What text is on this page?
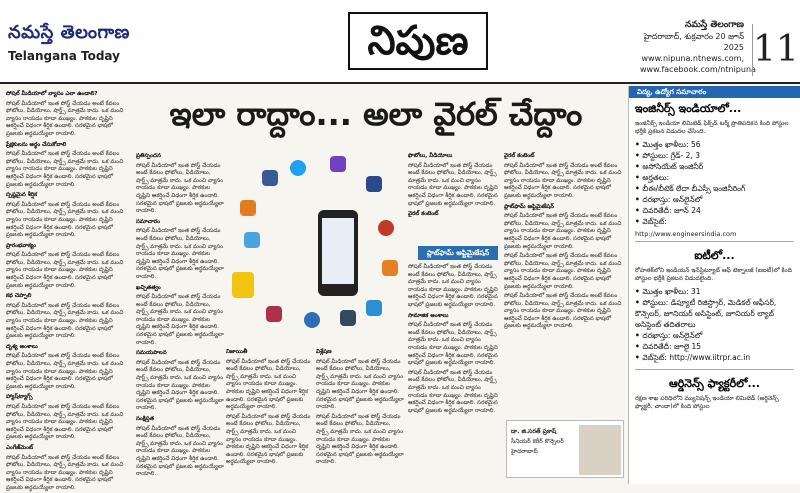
నమస్తే తెలంగాణ
Telangana Today	నిపుణ	నమస్తే తెలంగాణ
హైదరాబాద్, శుక్రవారం 20 జూన్ 2025
www.nipuna.ntnews.com,
www.facebook.com/ntnipuna
11
ఇలా రాద్దాం... అలా వైరల్ చేద్దాం

సోషల్ మీడియాలో వ్యాసం ఎలా ఉండాలి?

సోషల్ మీడియాలో ఇంత పోస్ట్ చేయడం అంటే కేవలం ఫోటోలు, వీడియోలు, షార్ట్స్ మాత్రమే కాదు. ఒక మంచి వ్యాసం రాయడం కూడా ముఖ్యం. పాఠకుల దృష్టిని ఆకర్షించే విధంగా శీర్షిక ఉండాలి. సరళమైన భాషలో ప్రజలకు అర్థమయ్యేలా రాయాలి.

ప్రేక్షకులను అర్థం చేసుకోవాలి

సోషల్ మీడియాలో ఇంత పోస్ట్ చేయడం అంటే కేవలం ఫోటోలు, వీడియోలు, షార్ట్స్ మాత్రమే కాదు. ఒక మంచి వ్యాసం రాయడం కూడా ముఖ్యం. పాఠకుల దృష్టిని ఆకర్షించే విధంగా శీర్షిక ఉండాలి. సరళమైన భాషలో ప్రజలకు అర్థమయ్యేలా రాయాలి.

స్పష్టమైన శీర్షిక

సోషల్ మీడియాలో ఇంత పోస్ట్ చేయడం అంటే కేవలం ఫోటోలు, వీడియోలు, షార్ట్స్ మాత్రమే కాదు. ఒక మంచి వ్యాసం రాయడం కూడా ముఖ్యం. పాఠకుల దృష్టిని ఆకర్షించే విధంగా శీర్షిక ఉండాలి. సరళమైన భాషలో ప్రజలకు అర్థమయ్యేలా రాయాలి.

ప్రారంభవాక్యం

సోషల్ మీడియాలో ఇంత పోస్ట్ చేయడం అంటే కేవలం ఫోటోలు, వీడియోలు, షార్ట్స్ మాత్రమే కాదు. ఒక మంచి వ్యాసం రాయడం కూడా ముఖ్యం. పాఠకుల దృష్టిని ఆకర్షించే విధంగా శీర్షిక ఉండాలి. సరళమైన భాషలో ప్రజలకు అర్థమయ్యేలా రాయాలి.

కథ చెప్పాలి

సోషల్ మీడియాలో ఇంత పోస్ట్ చేయడం అంటే కేవలం ఫోటోలు, వీడియోలు, షార్ట్స్ మాత్రమే కాదు. ఒక మంచి వ్యాసం రాయడం కూడా ముఖ్యం. పాఠకుల దృష్టిని ఆకర్షించే విధంగా శీర్షిక ఉండాలి. సరళమైన భాషలో ప్రజలకు అర్థమయ్యేలా రాయాలి.

దృశ్య అంశాలు

సోషల్ మీడియాలో ఇంత పోస్ట్ చేయడం అంటే కేవలం ఫోటోలు, వీడియోలు, షార్ట్స్ మాత్రమే కాదు. ఒక మంచి వ్యాసం రాయడం కూడా ముఖ్యం. పాఠకుల దృష్టిని ఆకర్షించే విధంగా శీర్షిక ఉండాలి. సరళమైన భాషలో ప్రజలకు అర్థమయ్యేలా రాయాలి.

హ్యాష్‌ట్యాగ్స్

సోషల్ మీడియాలో ఇంత పోస్ట్ చేయడం అంటే కేవలం ఫోటోలు, వీడియోలు, షార్ట్స్ మాత్రమే కాదు. ఒక మంచి వ్యాసం రాయడం కూడా ముఖ్యం. పాఠకుల దృష్టిని ఆకర్షించే విధంగా శీర్షిక ఉండాలి. సరళమైన భాషలో ప్రజలకు అర్థమయ్యేలా రాయాలి.

ఎంగేజ్‌మెంట్

సోషల్ మీడియాలో ఇంత పోస్ట్ చేయడం అంటే కేవలం ఫోటోలు, వీడియోలు, షార్ట్స్ మాత్రమే కాదు. ఒక మంచి వ్యాసం రాయడం కూడా ముఖ్యం. పాఠకుల దృష్టిని ఆకర్షించే విధంగా శీర్షిక ఉండాలి. సరళమైన భాషలో ప్రజలకు అర్థమయ్యేలా రాయాలి.

ప్రతిస్పందన

సోషల్ మీడియాలో ఇంత పోస్ట్ చేయడం అంటే కేవలం ఫోటోలు, వీడియోలు, షార్ట్స్ మాత్రమే కాదు. ఒక మంచి వ్యాసం రాయడం కూడా ముఖ్యం. పాఠకుల దృష్టిని ఆకర్షించే విధంగా శీర్షిక ఉండాలి. సరళమైన భాషలో ప్రజలకు అర్థమయ్యేలా రాయాలి.

సమాచారం

సోషల్ మీడియాలో ఇంత పోస్ట్ చేయడం అంటే కేవలం ఫోటోలు, వీడియోలు, షార్ట్స్ మాత్రమే కాదు. ఒక మంచి వ్యాసం రాయడం కూడా ముఖ్యం. పాఠకుల దృష్టిని ఆకర్షించే విధంగా శీర్షిక ఉండాలి. సరళమైన భాషలో ప్రజలకు అర్థమయ్యేలా రాయాలి.

ఖచ్చితత్వం

సోషల్ మీడియాలో ఇంత పోస్ట్ చేయడం అంటే కేవలం ఫోటోలు, వీడియోలు, షార్ట్స్ మాత్రమే కాదు. ఒక మంచి వ్యాసం రాయడం కూడా ముఖ్యం. పాఠకుల దృష్టిని ఆకర్షించే విధంగా శీర్షిక ఉండాలి. సరళమైన భాషలో ప్రజలకు అర్థమయ్యేలా రాయాలి.

సమయపాలన

సోషల్ మీడియాలో ఇంత పోస్ట్ చేయడం అంటే కేవలం ఫోటోలు, వీడియోలు, షార్ట్స్ మాత్రమే కాదు. ఒక మంచి వ్యాసం రాయడం కూడా ముఖ్యం. పాఠకుల దృష్టిని ఆకర్షించే విధంగా శీర్షిక ఉండాలి. సరళమైన భాషలో ప్రజలకు అర్థమయ్యేలా రాయాలి.

సంక్షిప్తత

సోషల్ మీడియాలో ఇంత పోస్ట్ చేయడం అంటే కేవలం ఫోటోలు, వీడియోలు, షార్ట్స్ మాత్రమే కాదు. ఒక మంచి వ్యాసం రాయడం కూడా ముఖ్యం. పాఠకుల దృష్టిని ఆకర్షించే విధంగా శీర్షిక ఉండాలి. సరళమైన భాషలో ప్రజలకు అర్థమయ్యేలా రాయాలి.

నిజాయితీ

సోషల్ మీడియాలో ఇంత పోస్ట్ చేయడం అంటే కేవలం ఫోటోలు, వీడియోలు, షార్ట్స్ మాత్రమే కాదు. ఒక మంచి వ్యాసం రాయడం కూడా ముఖ్యం. పాఠకుల దృష్టిని ఆకర్షించే విధంగా శీర్షిక ఉండాలి. సరళమైన భాషలో ప్రజలకు అర్థమయ్యేలా రాయాలి.

సోషల్ మీడియాలో ఇంత పోస్ట్ చేయడం అంటే కేవలం ఫోటోలు, వీడియోలు, షార్ట్స్ మాత్రమే కాదు. ఒక మంచి వ్యాసం రాయడం కూడా ముఖ్యం. పాఠకుల దృష్టిని ఆకర్షించే విధంగా శీర్షిక ఉండాలి. సరళమైన భాషలో ప్రజలకు అర్థమయ్యేలా రాయాలి.

విశ్లేషణ

సోషల్ మీడియాలో ఇంత పోస్ట్ చేయడం అంటే కేవలం ఫోటోలు, వీడియోలు, షార్ట్స్ మాత్రమే కాదు. ఒక మంచి వ్యాసం రాయడం కూడా ముఖ్యం. పాఠకుల దృష్టిని ఆకర్షించే విధంగా శీర్షిక ఉండాలి. సరళమైన భాషలో ప్రజలకు అర్థమయ్యేలా రాయాలి.

సోషల్ మీడియాలో ఇంత పోస్ట్ చేయడం అంటే కేవలం ఫోటోలు, వీడియోలు, షార్ట్స్ మాత్రమే కాదు. ఒక మంచి వ్యాసం రాయడం కూడా ముఖ్యం. పాఠకుల దృష్టిని ఆకర్షించే విధంగా శీర్షిక ఉండాలి. సరళమైన భాషలో ప్రజలకు అర్థమయ్యేలా రాయాలి.

ఫొటోలు, వీడియోలు

సోషల్ మీడియాలో ఇంత పోస్ట్ చేయడం అంటే కేవలం ఫోటోలు, వీడియోలు, షార్ట్స్ మాత్రమే కాదు. ఒక మంచి వ్యాసం రాయడం కూడా ముఖ్యం. పాఠకుల దృష్టిని ఆకర్షించే విధంగా శీర్షిక ఉండాలి. సరళమైన భాషలో ప్రజలకు అర్థమయ్యేలా రాయాలి.

వైరల్ కంటెంట్

ప్లాట్‌ఫామ్ ఆప్టిమైజేషన్

సోషల్ మీడియాలో ఇంత పోస్ట్ చేయడం అంటే కేవలం ఫోటోలు, వీడియోలు, షార్ట్స్ మాత్రమే కాదు. ఒక మంచి వ్యాసం రాయడం కూడా ముఖ్యం. పాఠకుల దృష్టిని ఆకర్షించే విధంగా శీర్షిక ఉండాలి. సరళమైన భాషలో ప్రజలకు అర్థమయ్యేలా రాయాలి.

సామాజిక అంశాలు

సోషల్ మీడియాలో ఇంత పోస్ట్ చేయడం అంటే కేవలం ఫోటోలు, వీడియోలు, షార్ట్స్ మాత్రమే కాదు. ఒక మంచి వ్యాసం రాయడం కూడా ముఖ్యం. పాఠకుల దృష్టిని ఆకర్షించే విధంగా శీర్షిక ఉండాలి. సరళమైన భాషలో ప్రజలకు అర్థమయ్యేలా రాయాలి.

సోషల్ మీడియాలో ఇంత పోస్ట్ చేయడం అంటే కేవలం ఫోటోలు, వీడియోలు, షార్ట్స్ మాత్రమే కాదు. ఒక మంచి వ్యాసం రాయడం కూడా ముఖ్యం. పాఠకుల దృష్టిని ఆకర్షించే విధంగా శీర్షిక ఉండాలి. సరళమైన భాషలో ప్రజలకు అర్థమయ్యేలా రాయాలి.

వైరల్ కంటెంట్

సోషల్ మీడియాలో ఇంత పోస్ట్ చేయడం అంటే కేవలం ఫోటోలు, వీడియోలు, షార్ట్స్ మాత్రమే కాదు. ఒక మంచి వ్యాసం రాయడం కూడా ముఖ్యం. పాఠకుల దృష్టిని ఆకర్షించే విధంగా శీర్షిక ఉండాలి. సరళమైన భాషలో ప్రజలకు అర్థమయ్యేలా రాయాలి.

ప్లాట్‌ఫామ్ ఆప్టిమైజేషన్

సోషల్ మీడియాలో ఇంత పోస్ట్ చేయడం అంటే కేవలం ఫోటోలు, వీడియోలు, షార్ట్స్ మాత్రమే కాదు. ఒక మంచి వ్యాసం రాయడం కూడా ముఖ్యం. పాఠకుల దృష్టిని ఆకర్షించే విధంగా శీర్షిక ఉండాలి. సరళమైన భాషలో ప్రజలకు అర్థమయ్యేలా రాయాలి.

సోషల్ మీడియాలో ఇంత పోస్ట్ చేయడం అంటే కేవలం ఫోటోలు, వీడియోలు, షార్ట్స్ మాత్రమే కాదు. ఒక మంచి వ్యాసం రాయడం కూడా ముఖ్యం. పాఠకుల దృష్టిని ఆకర్షించే విధంగా శీర్షిక ఉండాలి. సరళమైన భాషలో ప్రజలకు అర్థమయ్యేలా రాయాలి.

సోషల్ మీడియాలో ఇంత పోస్ట్ చేయడం అంటే కేవలం ఫోటోలు, వీడియోలు, షార్ట్స్ మాత్రమే కాదు. ఒక మంచి వ్యాసం రాయడం కూడా ముఖ్యం. పాఠకుల దృష్టిని ఆకర్షించే విధంగా శీర్షిక ఉండాలి. సరళమైన భాషలో ప్రజలకు అర్థమయ్యేలా రాయాలి.

డా. జి.సరత్ ప్రకాష్
సీనియర్ కెరీర్ కౌన్సెలర్
హైదరాబాద్
విద్య, ఉద్యోగ సమాచారం
ఇంజినీర్స్ ఇండియాలో...
ఇంజినీర్స్ ఇండియా లిమిటెడ్ ఫిక్స్‌డ్ టర్మ్ ప్రాతిపదికన కింది పోస్టుల భర్తీకి ప్రకటన విడుదల చేసింది.
• మొత్తం ఖాళీలు: 56
• పోస్టులు: గ్రేడ్- 2, 3
• అసోసియేట్ ఇంజినీర్
• అర్హతలు:
• బీఈ/బీటెక్ లేదా బీఎస్సీ ఇంజినీరింగ్
• దరఖాస్తు: ఆన్‌లైన్‌లో
• చివరితేదీ: జూన్ 24
• వెబ్‌సైట్:
http://www.engineersindia.com
ఐటీలో...
రోహతక్‌లోని ఇండియన్ ఇన్‌స్టిట్యూట్ ఆఫ్ టెక్నాలజీ (ఐఐటీ)లో కింది పోస్టుల భర్తీకి ప్రకటన విడుదలైంది.
• మొత్తం ఖాళీలు: 31
• పోస్టులు: డిప్యూటీ రిజిస్ట్రార్, మెడికల్ ఆఫీసర్, కౌన్సెలర్, జూనియర్ అసిస్టెంట్, జూనియర్ ల్యాబ్ అసిస్టెంట్ తదితరాలు
• దరఖాస్తు: ఆన్‌లైన్‌లో
• చివరితేదీ: జూలై 15
• వెబ్‌సైట్: http://www.iitrpr.ac.in
ఆర్డినెన్స్ ఫ్యాక్టరీలో...
రక్షణ శాఖ పరిధిలోని మ్యునిషన్స్ ఇండియా లిమిటెడ్ (అర్డినెన్స్ ఫ్యాక్టరీ, చాందా)లో కింది పోస్టుల
